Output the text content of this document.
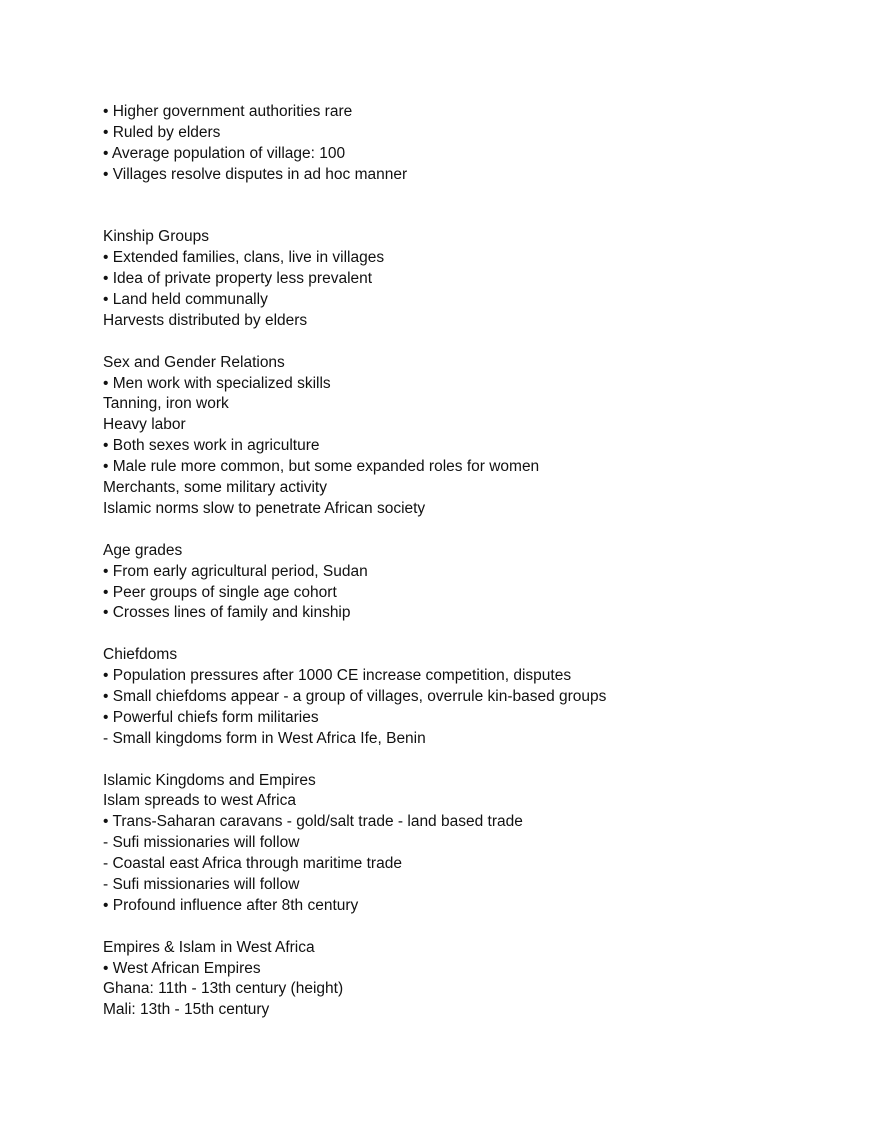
• Higher government authorities rare
• Ruled by elders
• Average population of village: 100
• Villages resolve disputes in ad hoc manner
Kinship Groups
• Extended families, clans, live in villages
• Idea of private property less prevalent
• Land held communally
Harvests distributed by elders
Sex and Gender Relations
• Men work with specialized skills
Tanning, iron work
Heavy labor
• Both sexes work in agriculture
• Male rule more common, but some expanded roles for women
Merchants, some military activity
Islamic norms slow to penetrate African society
Age grades
• From early agricultural period, Sudan
• Peer groups of single age cohort
• Crosses lines of family and kinship
Chiefdoms
• Population pressures after 1000 CE increase competition, disputes
• Small chiefdoms appear - a group of villages, overrule kin-based groups
• Powerful chiefs form militaries
- Small kingdoms form in West Africa Ife, Benin
Islamic Kingdoms and Empires
Islam spreads to west Africa
• Trans-Saharan caravans - gold/salt trade - land based trade
- Sufi missionaries will follow
- Coastal east Africa through maritime trade
- Sufi missionaries will follow
• Profound influence after 8th century
Empires & Islam in West Africa
• West African Empires
Ghana: 11th - 13th century (height)
Mali: 13th - 15th century
